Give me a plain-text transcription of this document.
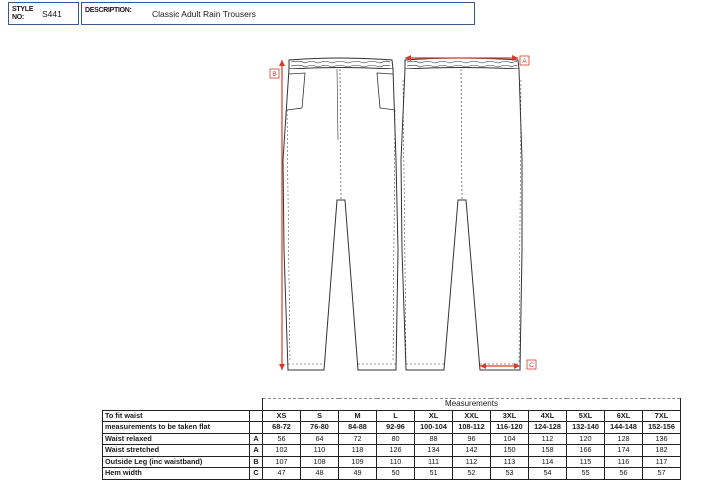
STYLE NO:	S441	DESCRIPTION: Classic Adult Rain Trousers
A
B
C
		Measurements										
To fit waist		XS	S	M	L	XL	XXL	3XL	4XL	5XL	6XL	7XL
measurements to be taken flat		68-72	76-80	84-88	92-96	100-104	108-112	116-120	124-128	132-140	144-148	152-156
Waist relaxed	A	56	64	72	80	88	96	104	112	120	128	136
Waist stretched	A	102	110	118	126	134	142	150	158	166	174	182
Outside Leg (inc waistband)	B	107	108	109	110	111	112	113	114	115	116	117
Hem width	C	47	48	49	50	51	52	53	54	55	56	57
